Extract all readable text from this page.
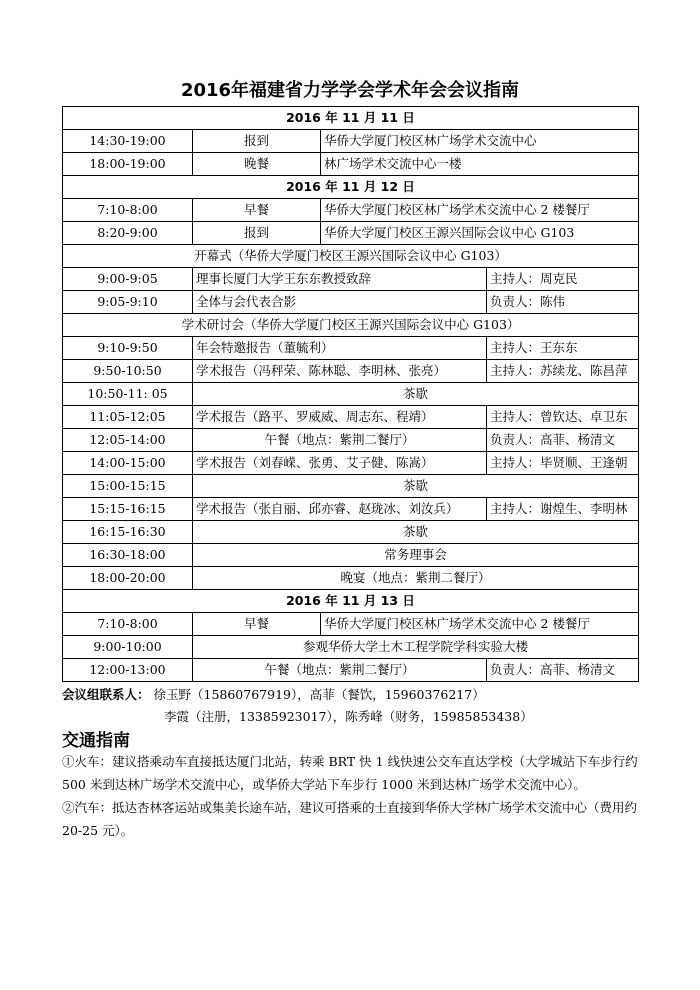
2016年福建省力学学会学术年会会议指南
2016 年 11 月 11 日			
14:30-19:00	报到	华侨大学厦门校区林广场学术交流中心	
18:00-19:00	晚餐	林广场学术交流中心一楼	
2016 年 11 月 12 日			
7:10-8:00	早餐	华侨大学厦门校区林广场学术交流中心 2 楼餐厅	
8:20-9:00	报到	华侨大学厦门校区王源兴国际会议中心 G103	
开幕式（华侨大学厦门校区王源兴国际会议中心 G103）			
9:00-9:05	理事长厦门大学王东东教授致辞		主持人：周克民
9:05-9:10	全体与会代表合影		负责人：陈伟
学术研讨会（华侨大学厦门校区王源兴国际会议中心 G103）			
9:10-9:50	年会特邀报告（董毓利）		主持人：王东东
9:50-10:50	学术报告（冯秤荣、陈林聪、李明林、张亮）		主持人：苏续龙、陈昌萍
10:50-11: 05	茶歇		
11:05-12:05	学术报告（路平、罗威威、周志东、程靖）		主持人：曾钦达、卓卫东
12:05-14:00	午餐（地点：紫荆二餐厅）		负责人：高菲、杨清文
14:00-15:00	学术报告（刘春嵘、张勇、艾子健、陈嵩）		主持人：毕贤顺、王逢朝
15:00-15:15	茶歇		
15:15-16:15	学术报告（张自丽、邱亦睿、赵珑冰、刘汝兵）		主持人：谢煌生、李明林
16:15-16:30	茶歇		
16:30-18:00	常务理事会		
18:00-20:00	晚宴（地点：紫荆二餐厅）		
2016 年 11 月 13 日			
7:10-8:00	早餐	华侨大学厦门校区林广场学术交流中心 2 楼餐厅	
9:00-10:00	参观华侨大学土木工程学院学科实验大楼		
12:00-13:00	午餐（地点：紫荆二餐厅）		负责人：高菲、杨清文
会议组联系人： 徐玉野（15860767919），高菲（餐饮，15960376217）
李霞（注册，13385923017），陈秀峰（财务，15985853438）
交通指南

①火车：建议搭乘动车直接抵达厦门北站，转乘 BRT 快 1 线快速公交车直达学校（大学城站下车步行约 500 米到达林广场学术交流中心，或华侨大学站下车步行 1000 米到达林广场学术交流中心）。

②汽车：抵达杏林客运站或集美长途车站，建议可搭乘的士直接到华侨大学林广场学术交流中心（费用约 20-25 元）。
